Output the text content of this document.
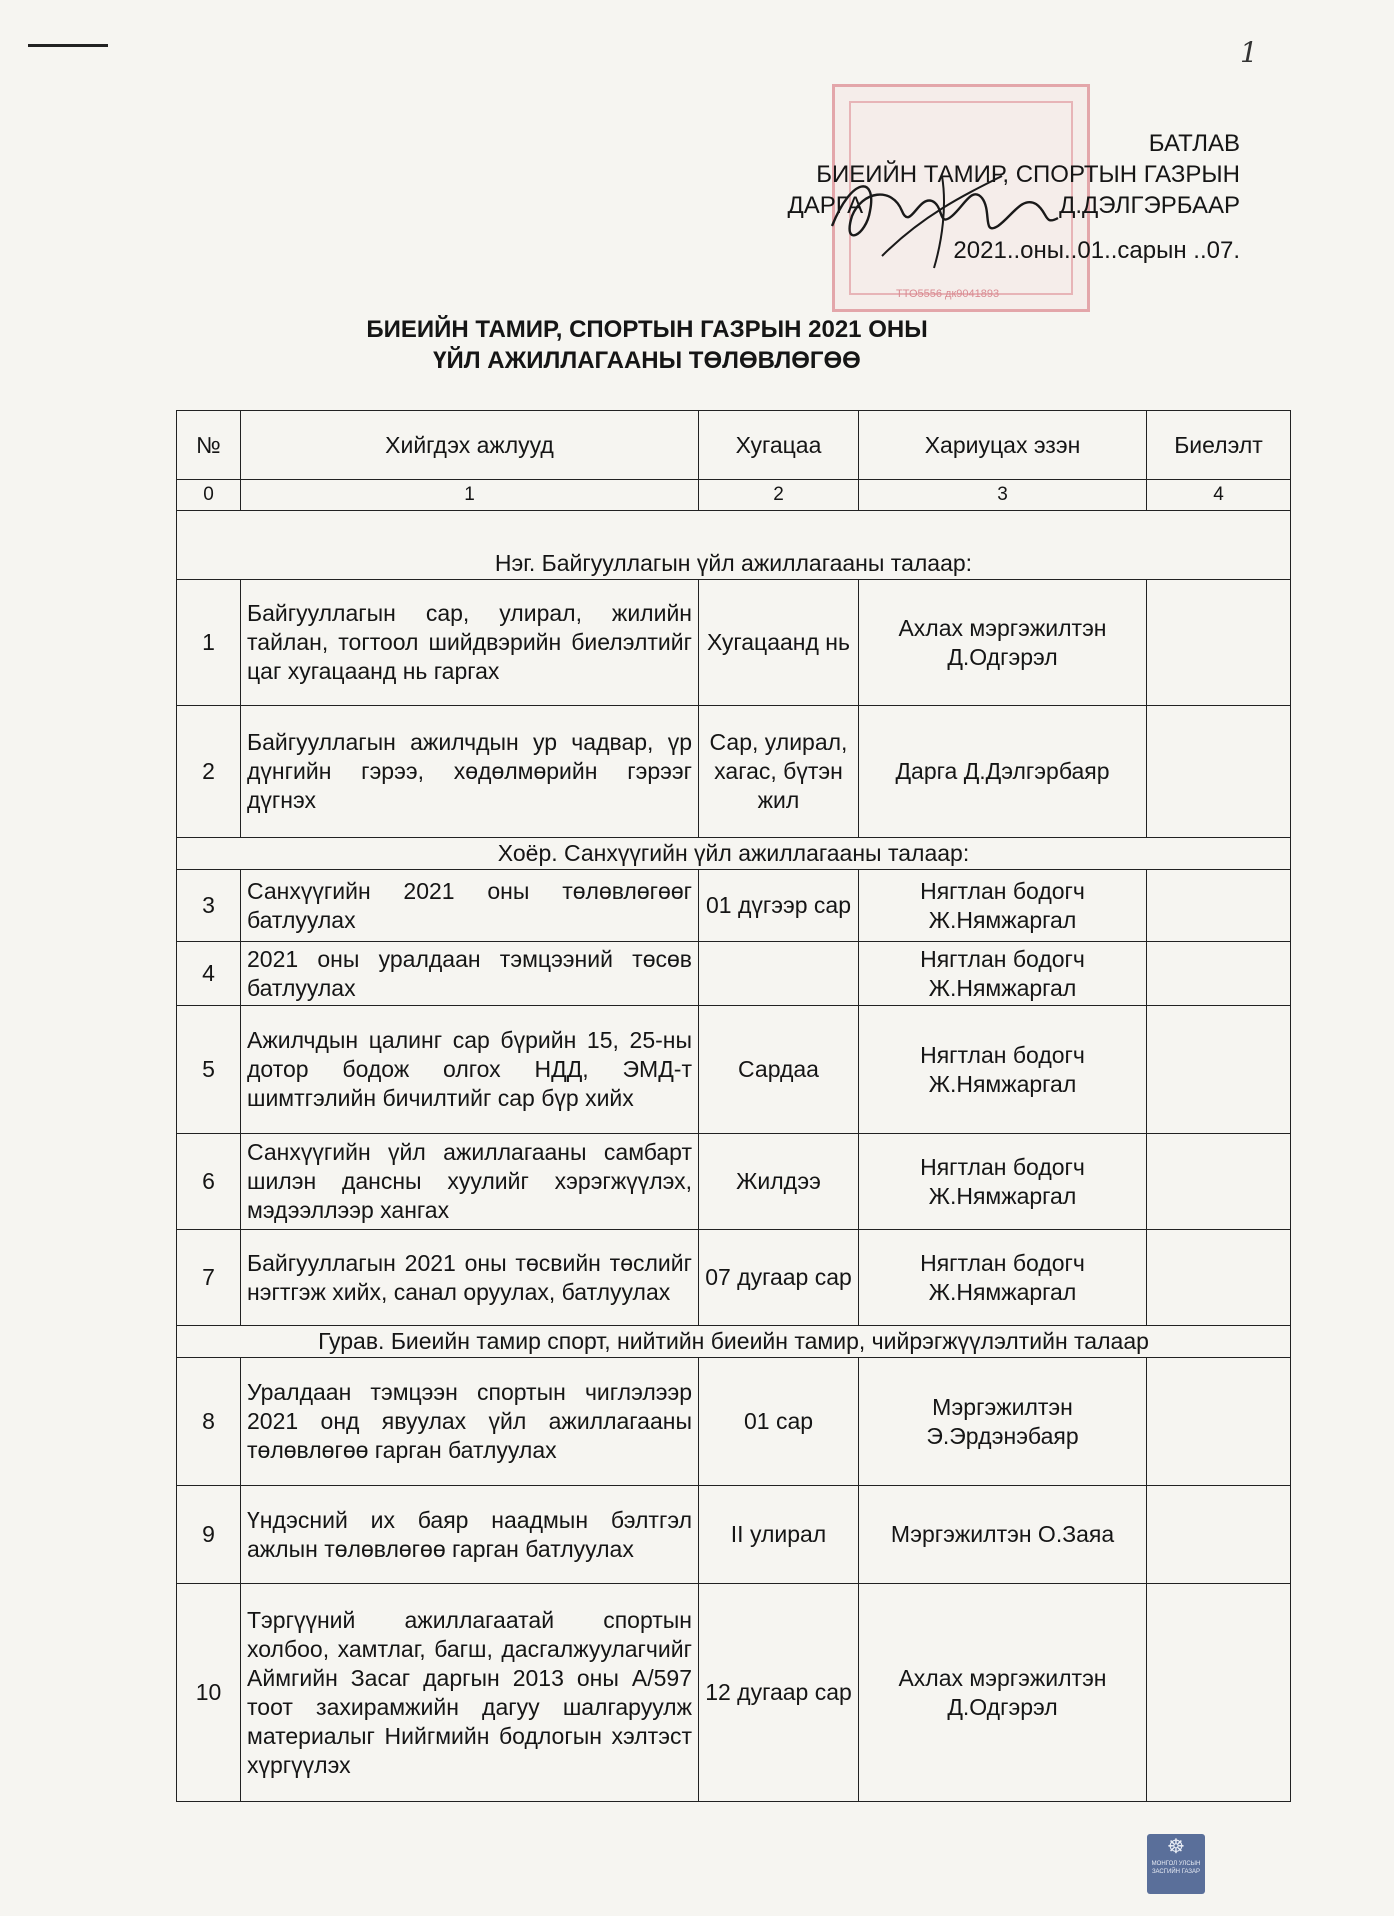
1
ТТО5556 дк9041893
БАТЛАВ
БИЕИЙН ТАМИР, СПОРТЫН ГАЗРЫН
ДАРГА	Д.ДЭЛГЭРБААР
2021..оны..01..сарын ..07.
БИЕИЙН ТАМИР, СПОРТЫН ГАЗРЫН 2021 ОНЫ
ҮЙЛ АЖИЛЛАГААНЫ ТӨЛӨВЛӨГӨӨ
№	Хийгдэх ажлууд	Хугацаа	Хариуцах эзэн	Биелэлт
0	1	2	3	4
Нэг. Байгууллагын үйл ажиллагааны талаар:				
1	Байгууллагын сар, улирал, жилийн тайлан, тогтоол шийдвэрийн биелэлтийг цаг хугацаанд нь гаргах	Хугацаанд нь	Ахлах мэргэжилтэн Д.Одгэрэл	
2	Байгууллагын ажилчдын ур чадвар, үр дүнгийн гэрээ, хөдөлмөрийн гэрээг дүгнэх	Сар, улирал, хагас, бүтэн жил	Дарга Д.Дэлгэрбаяр	
Хоёр. Санхүүгийн үйл ажиллагааны талаар:				
3	Санхүүгийн 2021 оны төлөвлөгөөг батлуулах	01 дүгээр сар	Нягтлан бодогч Ж.Нямжаргал	
4	2021 оны уралдаан тэмцээний төсөв батлуулах		Нягтлан бодогч Ж.Нямжаргал	
5	Ажилчдын цалинг сар бүрийн 15, 25-ны дотор бодож олгох НДД, ЭМД-т шимтгэлийн бичилтийг сар бүр хийх	Сардаа	Нягтлан бодогч Ж.Нямжаргал	
6	Санхүүгийн үйл ажиллагааны самбарт шилэн дансны хуулийг хэрэгжүүлэх, мэдээллээр хангах	Жилдээ	Нягтлан бодогч Ж.Нямжаргал	
7	Байгууллагын 2021 оны төсвийн төслийг нэгтгэж хийх, санал оруулах, батлуулах	07 дугаар сар	Нягтлан бодогч Ж.Нямжаргал	
Гурав. Биеийн тамир спорт, нийтийн биеийн тамир, чийрэгжүүлэлтийн талаар				
8	Уралдаан тэмцээн спортын чиглэлээр 2021 онд явуулах үйл ажиллагааны төлөвлөгөө гарган батлуулах	01 сар	Мэргэжилтэн Э.Эрдэнэбаяр	
9	Үндэсний их баяр наадмын бэлтгэл ажлын төлөвлөгөө гарган батлуулах	II улирал	Мэргэжилтэн О.Заяа	
10	Тэргүүний ажиллагаатай спортын холбоо, хамтлаг, багш, дасгалжуулагчийг Аймгийн Засаг даргын 2013 оны А/597 тоот захирамжийн дагуу шалгаруулж материалыг Нийгмийн бодлогын хэлтэст хүргүүлэх	12 дугаар сар	Ахлах мэргэжилтэн Д.Одгэрэл	
☸
МОНГОЛ УЛСЫН ЗАСГИЙН ГАЗАР
